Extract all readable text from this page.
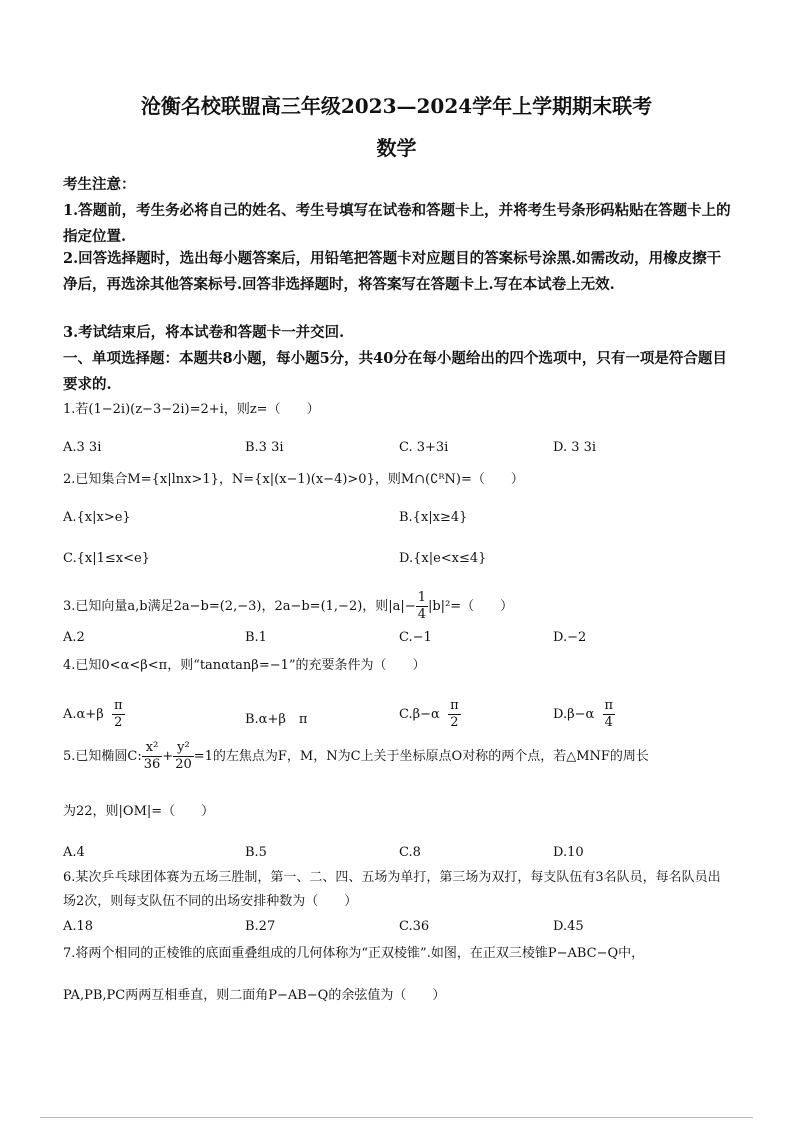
沧衡名校联盟高三年级2023—2024学年上学期期末联考
数学
考生注意：
1.答题前，考生务必将自己的姓名、考生号填写在试卷和答题卡上，并将考生号条形码粘贴在答题卡上的指定位置.
2.回答选择题时，选出每小题答案后，用铅笔把答题卡对应题目的答案标号涂黑.如需改动，用橡皮擦干净后，再选涂其他答案标号.回答非选择题时，将答案写在答题卡上.写在本试卷上无效.
3.考试结束后，将本试卷和答题卡一并交回.
一、单项选择题：本题共8小题，每小题5分，共40分在每小题给出的四个选项中，只有一项是符合题目要求的.
1.若(1−2i)(z−3−2i)=2+i，则z=（　　）
A.3 3i	B.3 3i	C. 3+3i	D. 3 3i
2.已知集合M={x|lnx>1}，N={x|(x−1)(x−4)>0}，则M∩(∁ᴿN)=（　　）
A.{x|x>e}	B.{x|x≥4}
C.{x|1≤x<e}	D.{x|e<x≤4}
3.已知向量a,b满足2a−b=(2,−3)，2a−b=(1,−2)，则$|a|- \frac{1}{4} |b|^2=$（　　）
A.2	B.1	C.−1	D.−2
4.已知0<α<β<π，则“tanαtanβ=−1”的充要条件为（　　）
$A.\alpha+\beta \frac{\pi}{2}$	B.α+β　π	$C.\beta-\alpha \frac{\pi}{2}$	$D.\beta-\alpha \frac{\pi}{4}$
5.已知椭圆C: $\frac{\text{x²}}{36} + \frac{\text{y²}}{20} =1$的左焦点为F，M，N为C上关于坐标原点O对称的两个点，若△MNF的周长
为22，则|OM|=（　　）
A.4	B.5	C.8	D.10
6.某次乒乓球团体赛为五场三胜制，第一、二、四、五场为单打，第三场为双打，每支队伍有3名队员，每名队员出场2次，则每支队伍不同的出场安排种数为（　　）
A.18	B.27	C.36	D.45
7.将两个相同的正棱锥的底面重叠组成的几何体称为“正双棱锥”.如图，在正双三棱锥P−ABC−Q中，
PA,PB,PC两两互相垂直，则二面角P−AB−Q的余弦值为（　　）
